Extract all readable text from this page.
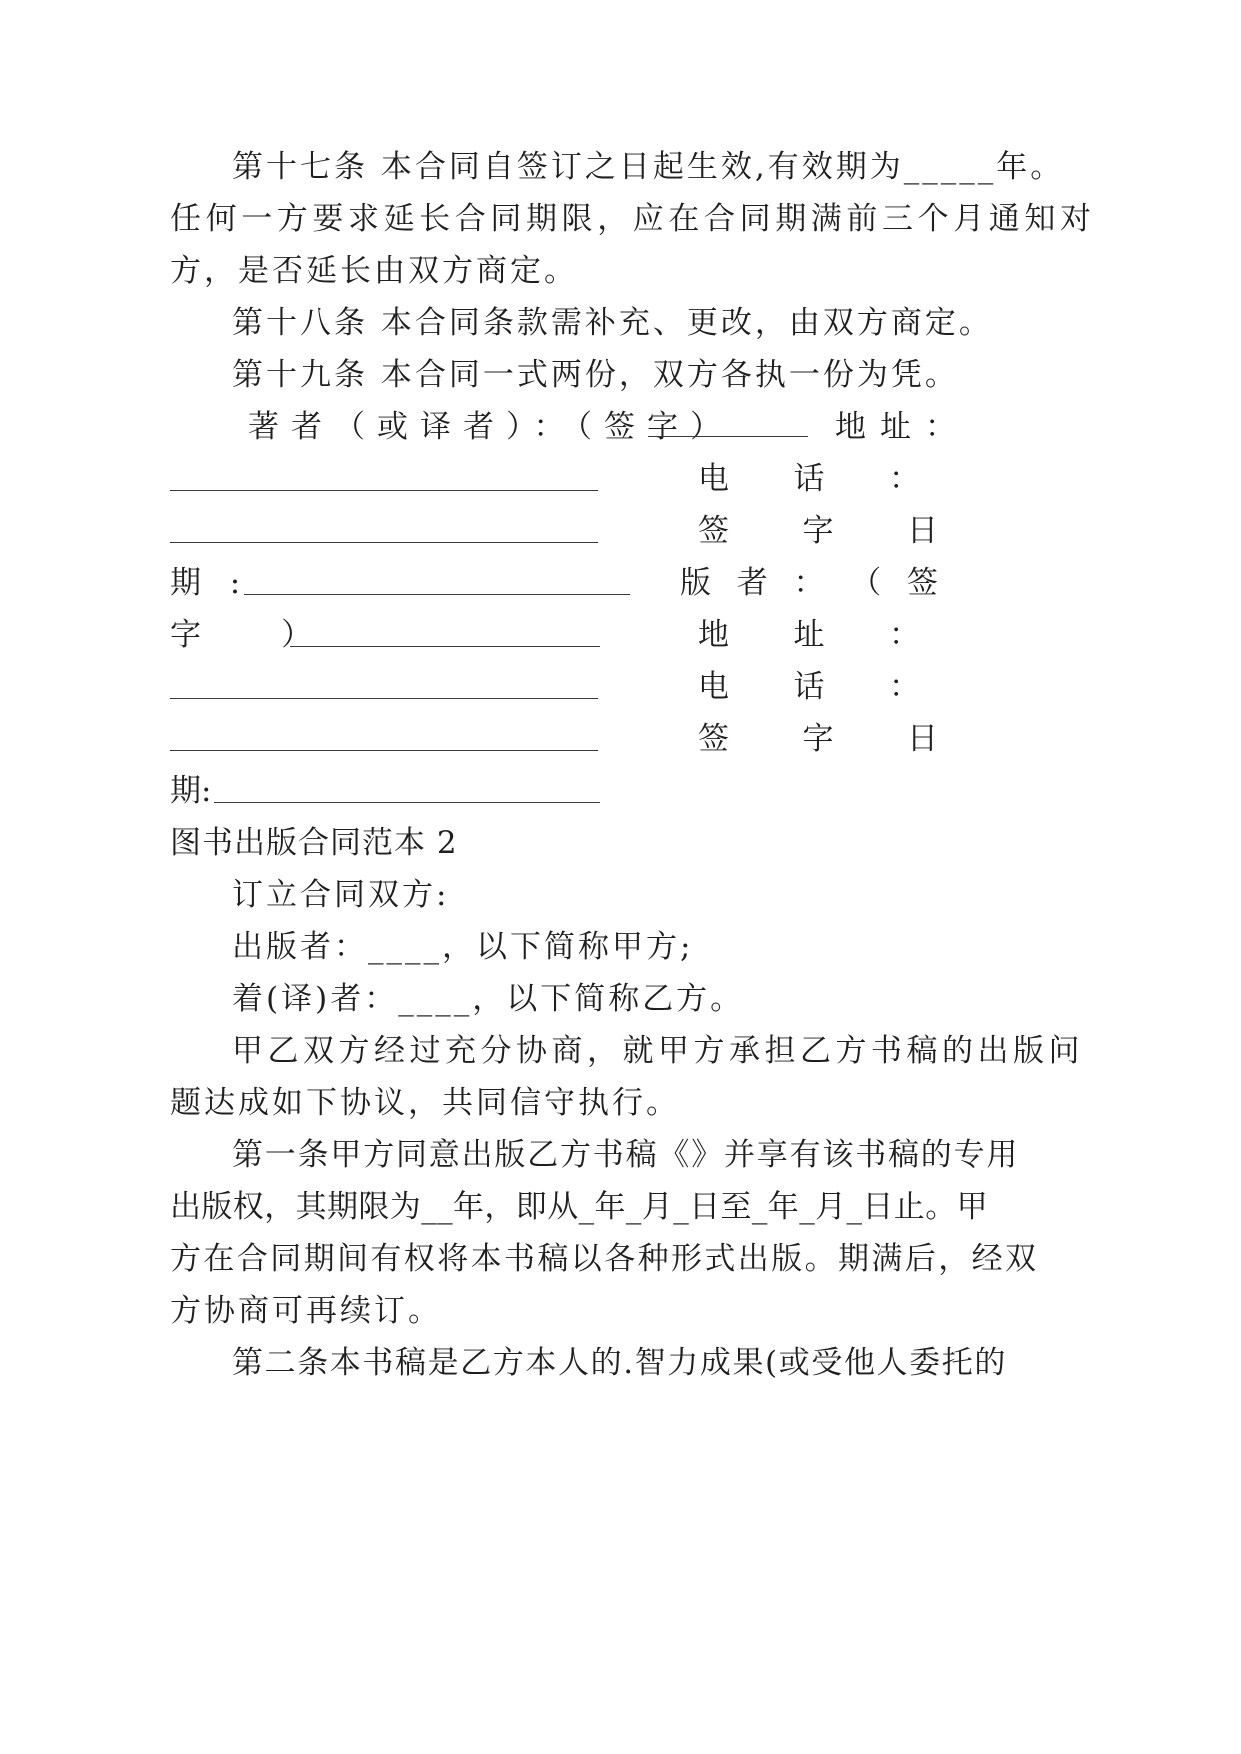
第十七条 本合同自签订之日起生效,有效期为_____年。
任何一方要求延长合同期限，应在合同期满前三个月通知对
方，是否延长由双方商定。
第十八条 本合同条款需补充、更改，由双方商定。
第十九条 本合同一式两份，双方各执一份为凭。
著者（或译者）：（签字）	地址：
电 话 ：
签 字 日
期  :	版 者 ： （ 签
字      ）	地 址 ：
电 话 ：
签 字 日
期:
图书出版合同范本 2
订立合同双方:
出版者：____，以下简称甲方;
着(译)者：____，以下简称乙方。
甲乙双方经过充分协商，就甲方承担乙方书稿的出版问
题达成如下协议，共同信守执行。
第一条甲方同意出版乙方书稿《》并享有该书稿的专用
出版权，其期限为__年，即从_年_月_日至_年_月_日止。甲
方在合同期间有权将本书稿以各种形式出版。期满后，经双
方协商可再续订。
第二条本书稿是乙方本人的.智力成果(或受他人委托的
